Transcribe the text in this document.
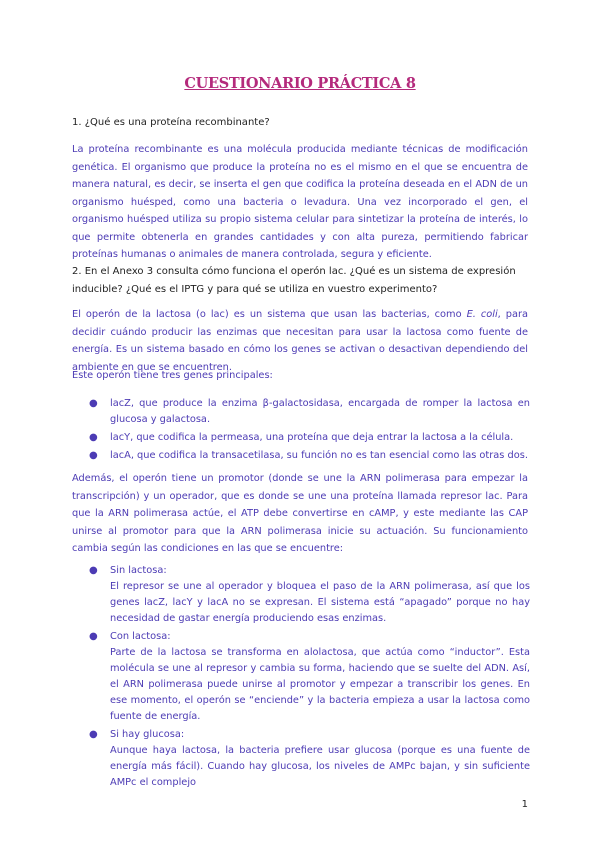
CUESTIONARIO PRÁCTICA 8
1. ¿Qué es una proteína recombinante?
La proteína recombinante es una molécula producida mediante técnicas de modificación genética. El organismo que produce la proteína no es el mismo en el que se encuentra de manera natural, es decir, se inserta el gen que codifica la proteína deseada en el ADN de un organismo huésped, como una bacteria o levadura. Una vez incorporado el gen, el organismo huésped utiliza su propio sistema celular para sintetizar la proteína de interés, lo que permite obtenerla en grandes cantidades y con alta pureza, permitiendo fabricar proteínas humanas o animales de manera controlada, segura y eficiente.
2. En el Anexo 3 consulta cómo funciona el operón lac. ¿Qué es un sistema de expresión inducible? ¿Qué es el IPTG y para qué se utiliza en vuestro experimento?
El operón de la lactosa (o lac) es un sistema que usan las bacterias, como E. coli, para decidir cuándo producir las enzimas que necesitan para usar la lactosa como fuente de energía. Es un sistema basado en cómo los genes se activan o desactivan dependiendo del ambiente en que se encuentren.
Este operón tiene tres genes principales:
● lacZ, que produce la enzima β-galactosidasa, encargada de romper la lactosa en glucosa y galactosa.
● lacY, que codifica la permeasa, una proteína que deja entrar la lactosa a la célula.
● lacA, que codifica la transacetilasa, su función no es tan esencial como las otras dos.
Además, el operón tiene un promotor (donde se une la ARN polimerasa para empezar la transcripción) y un operador, que es donde se une una proteína llamada represor lac. Para que la ARN polimerasa actúe, el ATP debe convertirse en cAMP, y este mediante las CAP unirse al promotor para que la ARN polimerasa inicie su actuación. Su funcionamiento cambia según las condiciones en las que se encuentre:
● Sin lactosa:
El represor se une al operador y bloquea el paso de la ARN polimerasa, así que los genes lacZ, lacY y lacA no se expresan. El sistema está “apagado” porque no hay necesidad de gastar energía produciendo esas enzimas.
● Con lactosa:
Parte de la lactosa se transforma en alolactosa, que actúa como “inductor”. Esta molécula se une al represor y cambia su forma, haciendo que se suelte del ADN. Así, el ARN polimerasa puede unirse al promotor y empezar a transcribir los genes. En ese momento, el operón se “enciende” y la bacteria empieza a usar la lactosa como fuente de energía.
● Si hay glucosa:
Aunque haya lactosa, la bacteria prefiere usar glucosa (porque es una fuente de energía más fácil). Cuando hay glucosa, los niveles de AMPc bajan, y sin suficiente AMPc el complejo
1
